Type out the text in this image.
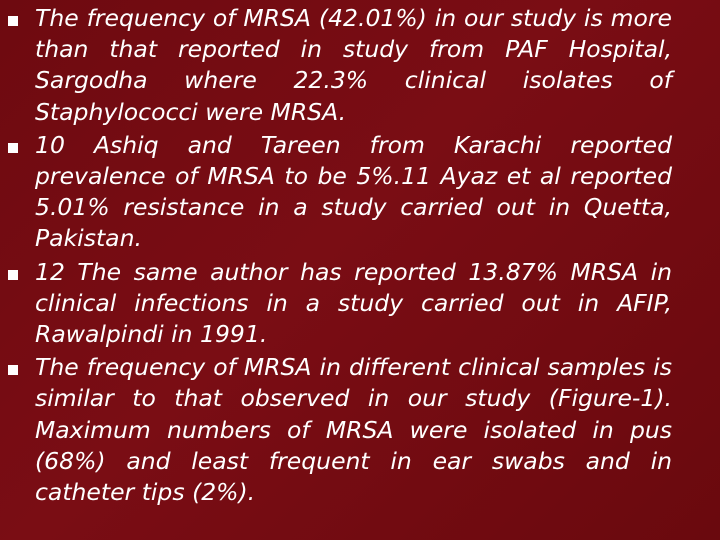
The frequency of MRSA (42.01%) in our study is more than that reported in study from PAF Hospital, Sargodha where 22.3% clinical isolates of Staphylococci were MRSA.
10 Ashiq and Tareen from Karachi reported prevalence of MRSA to be 5%.11 Ayaz et al reported 5.01% resistance in a study carried out in Quetta, Pakistan.
12 The same author has reported 13.87% MRSA in clinical infections in a study carried out in AFIP, Rawalpindi in 1991.
The frequency of MRSA in different clinical samples is similar to that observed in our study (Figure-1). Maximum numbers of MRSA were isolated in pus (68%) and least frequent in ear swabs and in catheter tips (2%).
